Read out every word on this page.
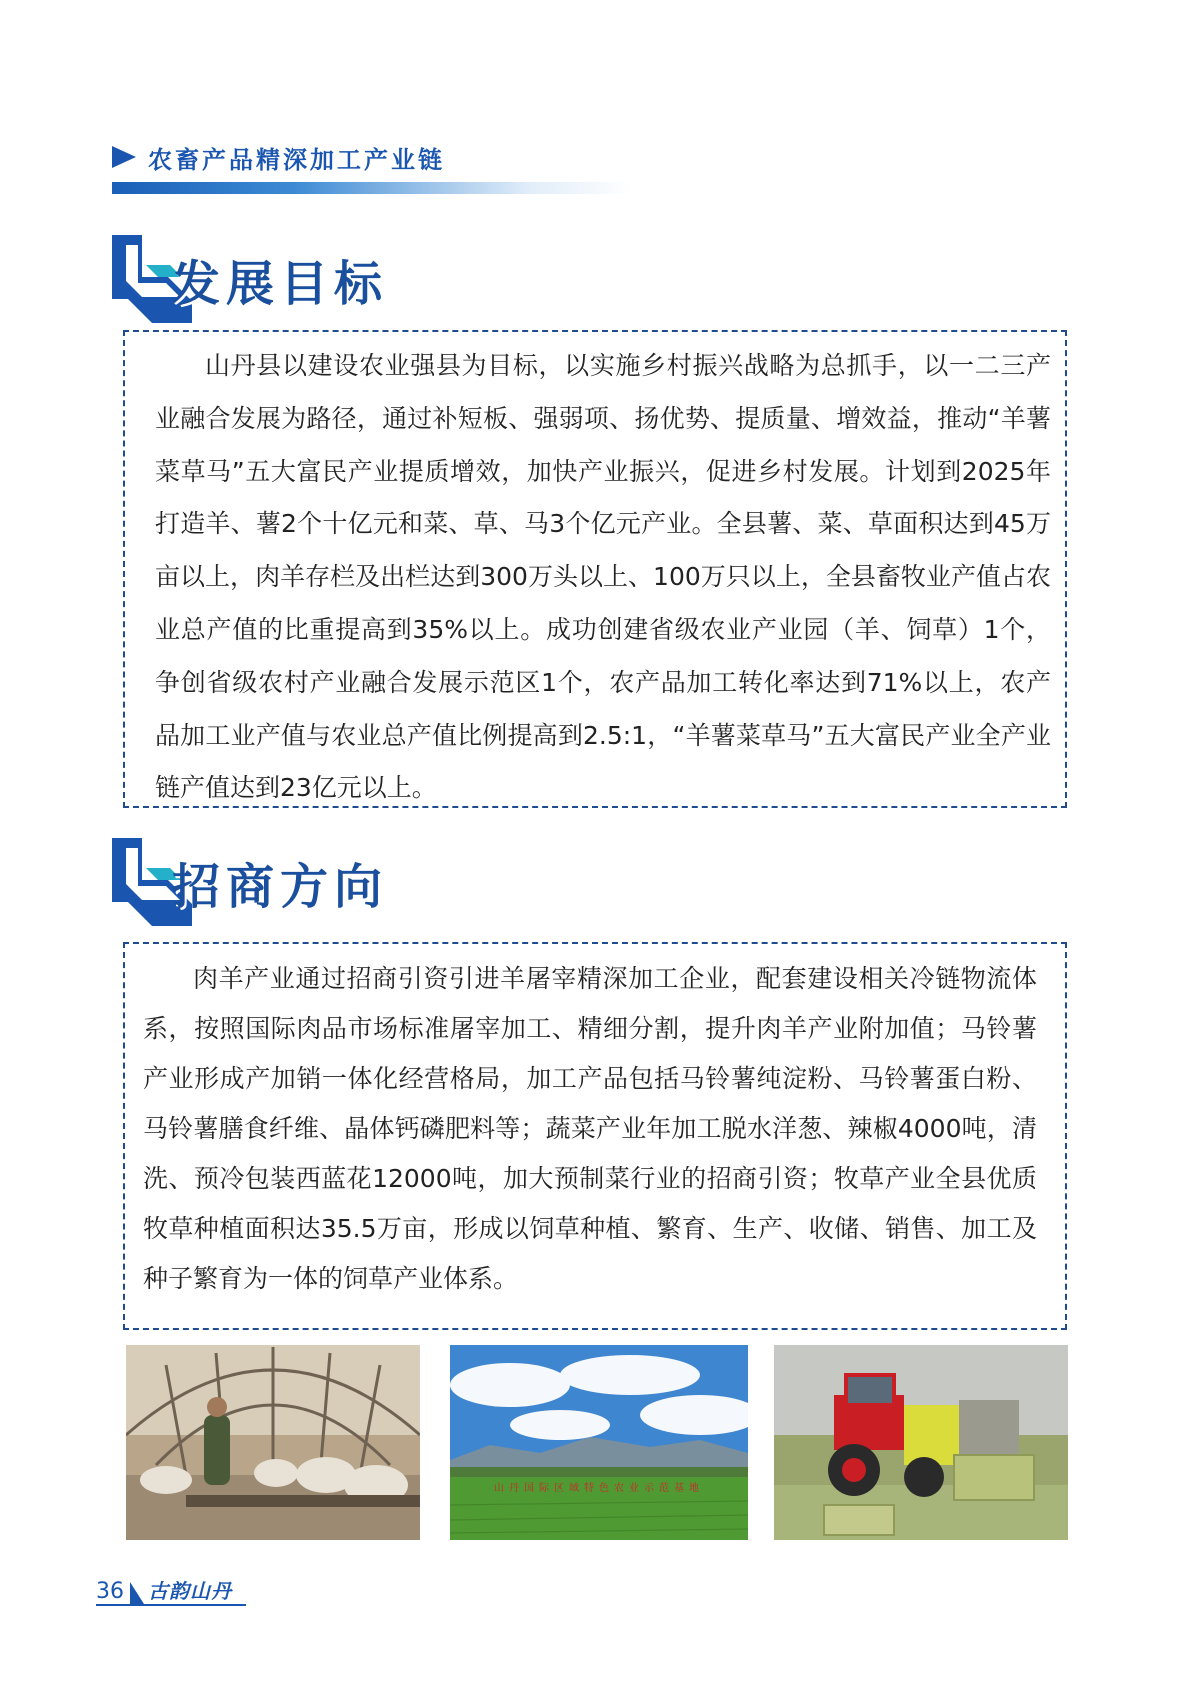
农畜产品精深加工产业链
发展目标

山丹县以建设农业强县为目标，以实施乡村振兴战略为总抓手，以一二三产业融合发展为路径，通过补短板、强弱项、扬优势、提质量、增效益，推动“羊薯菜草马”五大富民产业提质增效，加快产业振兴，促进乡村发展。计划到2025年打造羊、薯2个十亿元和菜、草、马3个亿元产业。全县薯、菜、草面积达到45万亩以上，肉羊存栏及出栏达到300万头以上、100万只以上，全县畜牧业产值占农业总产值的比重提高到35%以上。成功创建省级农业产业园（羊、饲草）1个，争创省级农村产业融合发展示范区1个，农产品加工转化率达到71%以上，农产品加工业产值与农业总产值比例提高到2.5:1，“羊薯菜草马”五大富民产业全产业链产值达到23亿元以上。

招商方向

肉羊产业通过招商引资引进羊屠宰精深加工企业，配套建设相关冷链物流体系，按照国际肉品市场标准屠宰加工、精细分割，提升肉羊产业附加值；马铃薯产业形成产加销一体化经营格局，加工产品包括马铃薯纯淀粉、马铃薯蛋白粉、马铃薯膳食纤维、晶体钙磷肥料等；蔬菜产业年加工脱水洋葱、辣椒4000吨，清洗、预冷包装西蓝花12000吨，加大预制菜行业的招商引资；牧草产业全县优质牧草种植面积达35.5万亩，形成以饲草种植、繁育、生产、收储、销售、加工及种子繁育为一体的饲草产业体系。

山丹国际区域特色农业示范基地
36 古韵山丹
